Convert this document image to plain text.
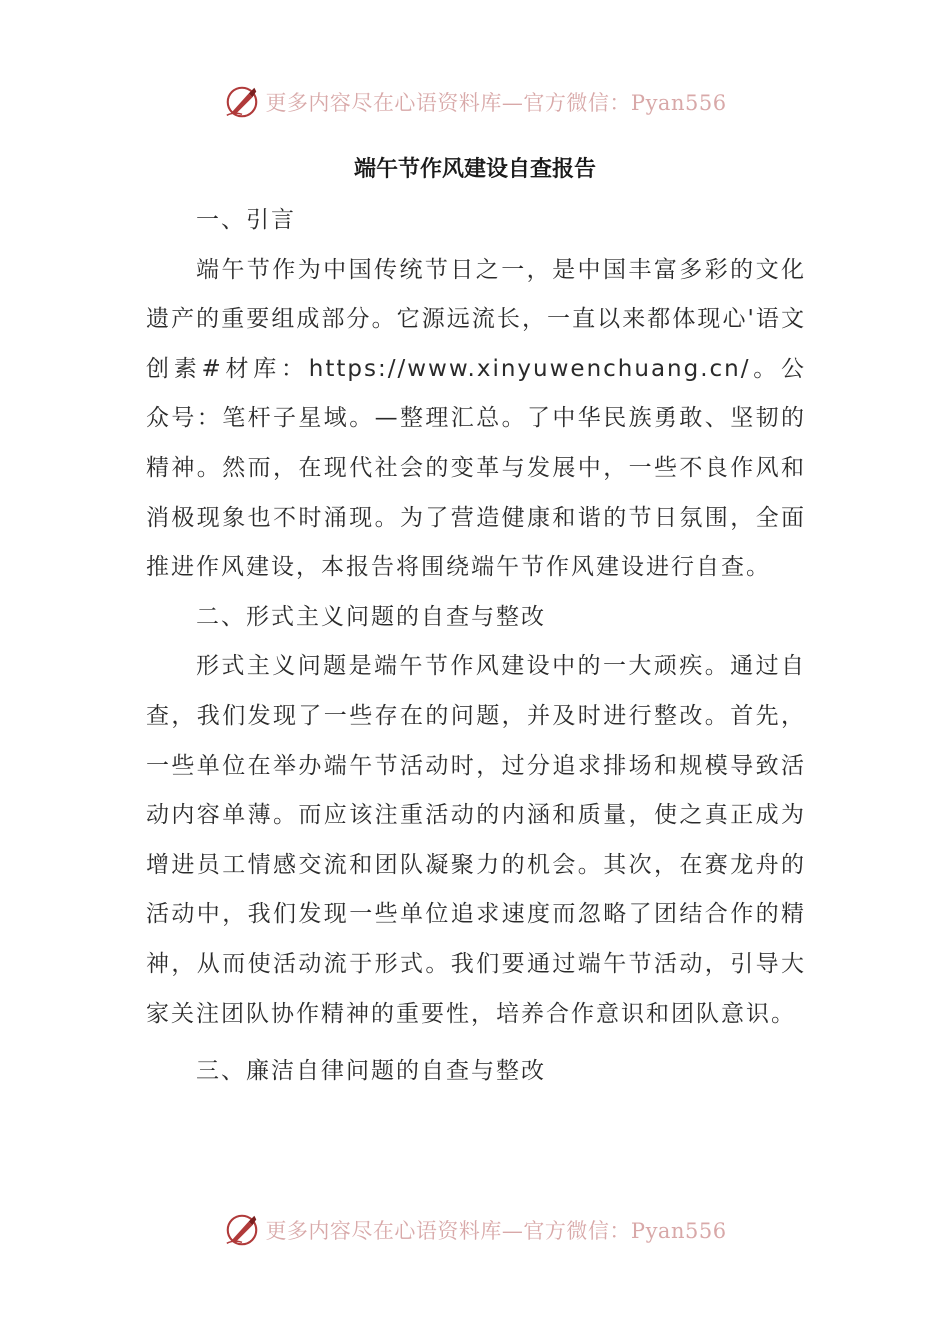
更多内容尽在心语资料库—官方微信：Pyan556
端午节作风建设自查报告

一、引言

端午节作为中国传统节日之一，是中国丰富多彩的文化遗产的重要组成部分。它源远流长，一直以来都体现心'语文创素#材库：https://www.xinyuwenchuang.cn/。公众号：笔杆子星域。—整理汇总。了中华民族勇敢、坚韧的精神。然而，在现代社会的变革与发展中，一些不良作风和消极现象也不时涌现。为了营造健康和谐的节日氛围，全面推进作风建设，本报告将围绕端午节作风建设进行自查。

二、形式主义问题的自查与整改

形式主义问题是端午节作风建设中的一大顽疾。通过自查，我们发现了一些存在的问题，并及时进行整改。首先，一些单位在举办端午节活动时，过分追求排场和规模导致活动内容单薄。而应该注重活动的内涵和质量，使之真正成为增进员工情感交流和团队凝聚力的机会。其次，在赛龙舟的活动中，我们发现一些单位追求速度而忽略了团结合作的精神，从而使活动流于形式。我们要通过端午节活动，引导大家关注团队协作精神的重要性，培养合作意识和团队意识。

三、廉洁自律问题的自查与整改

更多内容尽在心语资料库—官方微信：Pyan556
